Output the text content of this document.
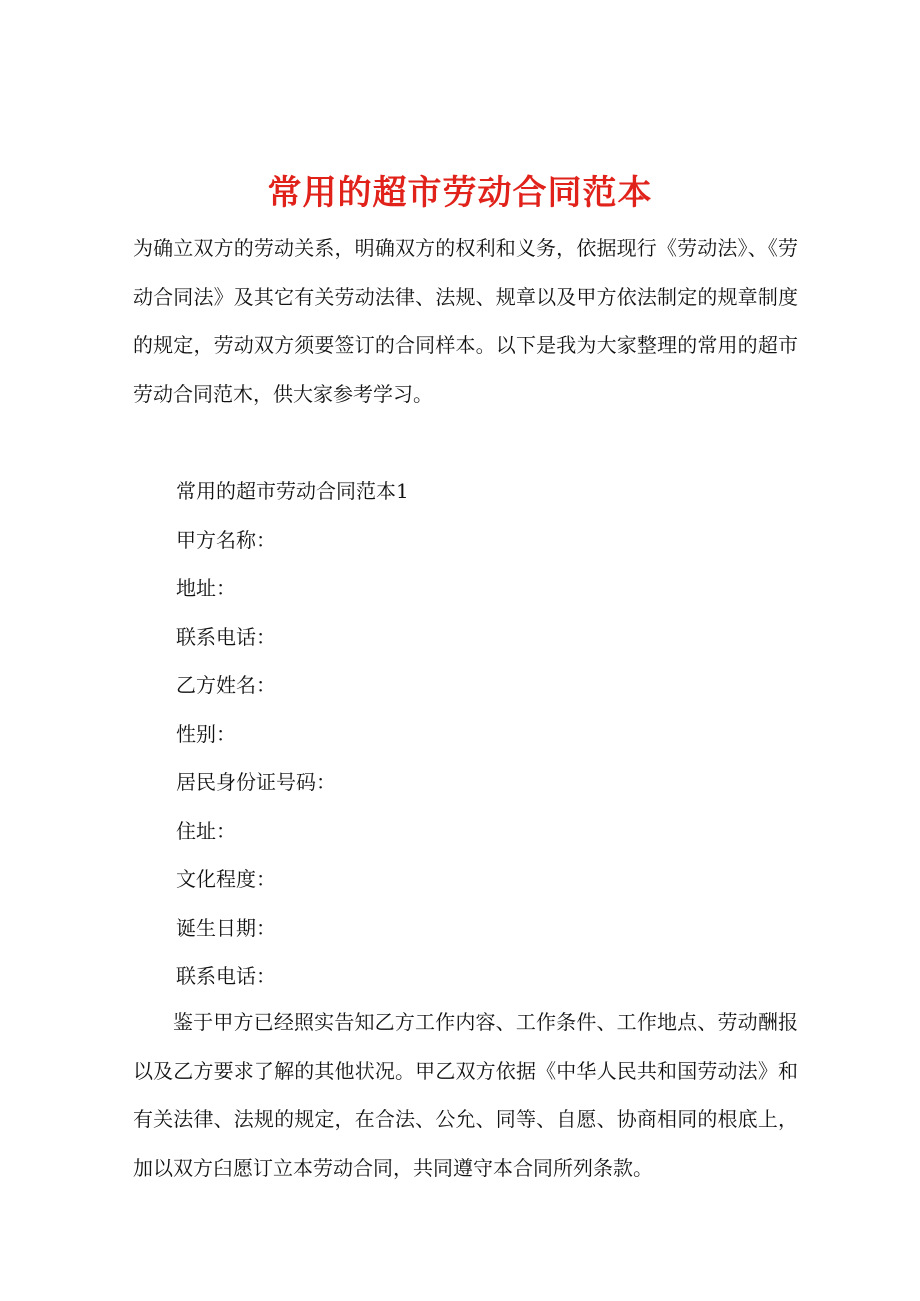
常用的超市劳动合同范本

为确立双方的劳动关系，明确双方的权利和义务，依据现行《劳动法》、《劳动合同法》及其它有关劳动法律、法规、规章以及甲方依法制定的规章制度的规定，劳动双方须要签订的合同样本。以下是我为大家整理的常用的超市劳动合同范木，供大家参考学习。

常用的超市劳动合同范本1
甲方名称：
地址：
联系电话：
乙方姓名：
性别：
居民身份证号码：
住址：
文化程度：
诞生日期：
联系电话：

鉴于甲方已经照实告知乙方工作内容、工作条件、工作地点、劳动酬报以及乙方要求了解的其他状况。甲乙双方依据《中华人民共和国劳动法》和有关法律、法规的规定，在合法、公允、同等、自愿、协商相同的根底上，加以双方臼愿订立本劳动合同，共同遵守本合同所列条款。
